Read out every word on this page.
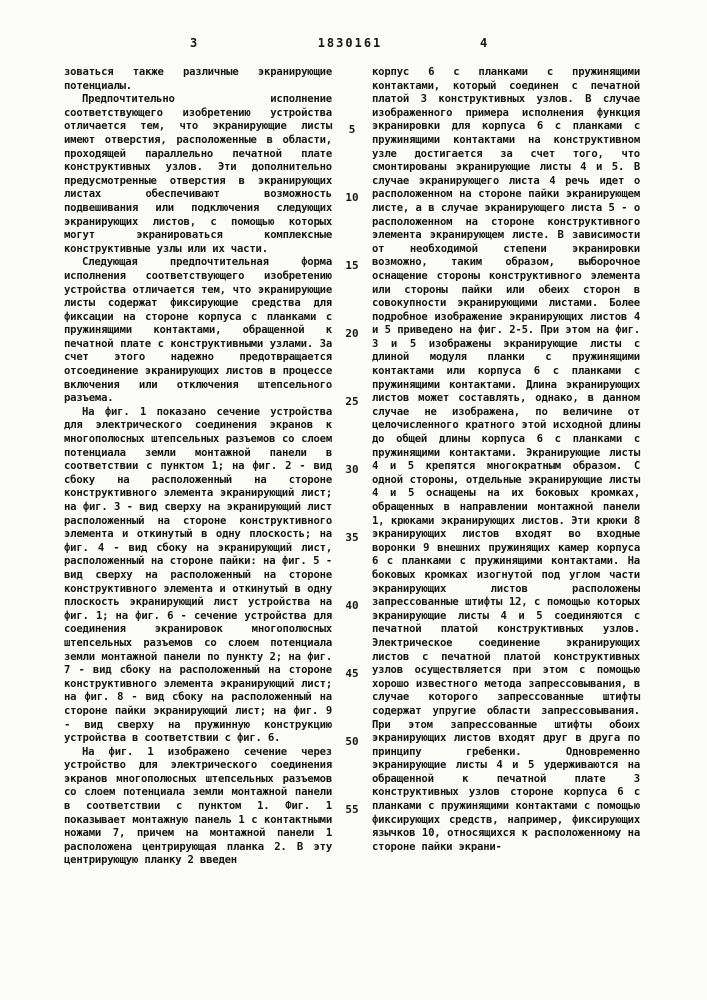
3	1830161	4

зоваться также различные экранирующие потенциалы.

Предпочтительно исполнение соответствующего изобретению устройства отличается тем, что экранирующие листы имеют отверстия, расположенные в области, проходящей параллельно печатной плате конструктивных узлов. Эти дополнительно предусмотренные отверстия в экранирующих листах обеспечивают возможность подвешивания или подключения следующих экранирующих листов, с помощью которых могут экранироваться комплексные конструктивные узлы или их части.

Следующая предпочтительная форма исполнения соответствующего изобретению устройства отличается тем, что экранирующие листы содержат фиксирующие средства для фиксации на стороне корпуса с планками с пружинящими контактами, обращенной к печатной плате с конструктивными узлами. За счет этого надежно предотвращается отсоединение экранирующих листов в процессе включения или отключения штепсельного разъема.

На фиг. 1 показано сечение устройства для электрического соединения экранов к многополюсных штепсельных разъемов со слоем потенциала земли монтажной панели в соответствии с пунктом 1; на фиг. 2 - вид сбоку на расположенный на стороне конструктивного элемента экранирующий лист; на фиг. 3 - вид сверху на экранирующий лист расположенный на стороне конструктивного элемента и откинутый в одну плоскость; на фиг. 4 - вид сбоку на экранирующий лист, расположенный на стороне пайки: на фиг. 5 - вид сверху на расположенный на стороне конструктивного элемента и откинутый в одну плоскость экранирующий лист устройства на фиг. 1; на фиг. 6 - сечение устройства для соединения экранировок многополюсных штепсельных разъемов со слоем потенциала земли монтажной панели по пункту 2; на фиг. 7 - вид сбоку на расположенный на стороне конструктивного элемента экранирующий лист; на фиг. 8 - вид сбоку на расположенный на стороне пайки экранирующий лист; на фиг. 9 - вид сверху на пружинную конструкцию устройства в соответствии с фиг. 6.

На фиг. 1 изображено сечение через устройство для электрического соединения экранов многополюсных штепсельных разъемов со слоем потенциала земли монтажной панели в соответствии с пунктом 1. Фиг. 1 показывает монтажную панель 1 с контактными ножами 7, причем на монтажной панели 1 расположена центрирующая планка 2. В эту центрирующую планку 2 введен

5
10
15
20
25
30
35
40
45
50
55

корпус 6 с планками с пружинящими контактами, который соединен с печатной платой 3 конструктивных узлов. В случае изображенного примера исполнения функция экранировки для корпуса 6 с планками с пружинящими контактами на конструктивном узле достигается за счет того, что смонтированы экранирующие листы 4 и 5. В случае экранирующего листа 4 речь идет о расположенном на стороне пайки экранирующем листе, а в случае экранирующего листа 5 - о расположенном на стороне конструктивного элемента экранирующем листе. В зависимости от необходимой степени экранировки возможно, таким образом, выборочное оснащение стороны конструктивного элемента или стороны пайки или обеих сторон в совокупности экранирующими листами. Более подробное изображение экранирующих листов 4 и 5 приведено на фиг. 2-5. При этом на фиг. 3 и 5 изображены экранирующие листы с длиной модуля планки с пружинящими контактами или корпуса 6 с планками с пружинящими контактами. Длина экранирующих листов может составлять, однако, в данном случае не изображена, по величине от целочисленного кратного этой исходной длины до общей длины корпуса 6 с планками с пружинящими контактами. Экранирующие листы 4 и 5 крепятся многократным образом. С одной стороны, отдельные экранирующие листы 4 и 5 оснащены на их боковых кромках, обращенных в направлении монтажной панели 1, крюками экранирующих листов. Эти крюки 8 экранирующих листов входят во входные воронки 9 внешних пружинящих камер корпуса 6 с планками с пружинящими контактами. На боковых кромках изогнутой под углом части экранирующих листов расположены запрессованные штифты 12, с помощью которых экранирующие листы 4 и 5 соединяются с печатной платой конструктивных узлов. Электрическое соединение экранирующих листов с печатной платой конструктивных узлов осуществляется при этом с помощью хорошо известного метода запрессовывания, в случае которого запрессованные штифты содержат упругие области запрессовывания. При этом запрессованные штифты обоих экранирующих листов входят друг в друга по принципу гребенки. Одновременно экранирующие листы 4 и 5 удерживаются на обращенной к печатной плате 3 конструктивных узлов стороне корпуса 6 с планками с пружинящими контактами с помощью фиксирующих средств, например, фиксирующих язычков 10, относящихся к расположенному на стороне пайки экрани-
